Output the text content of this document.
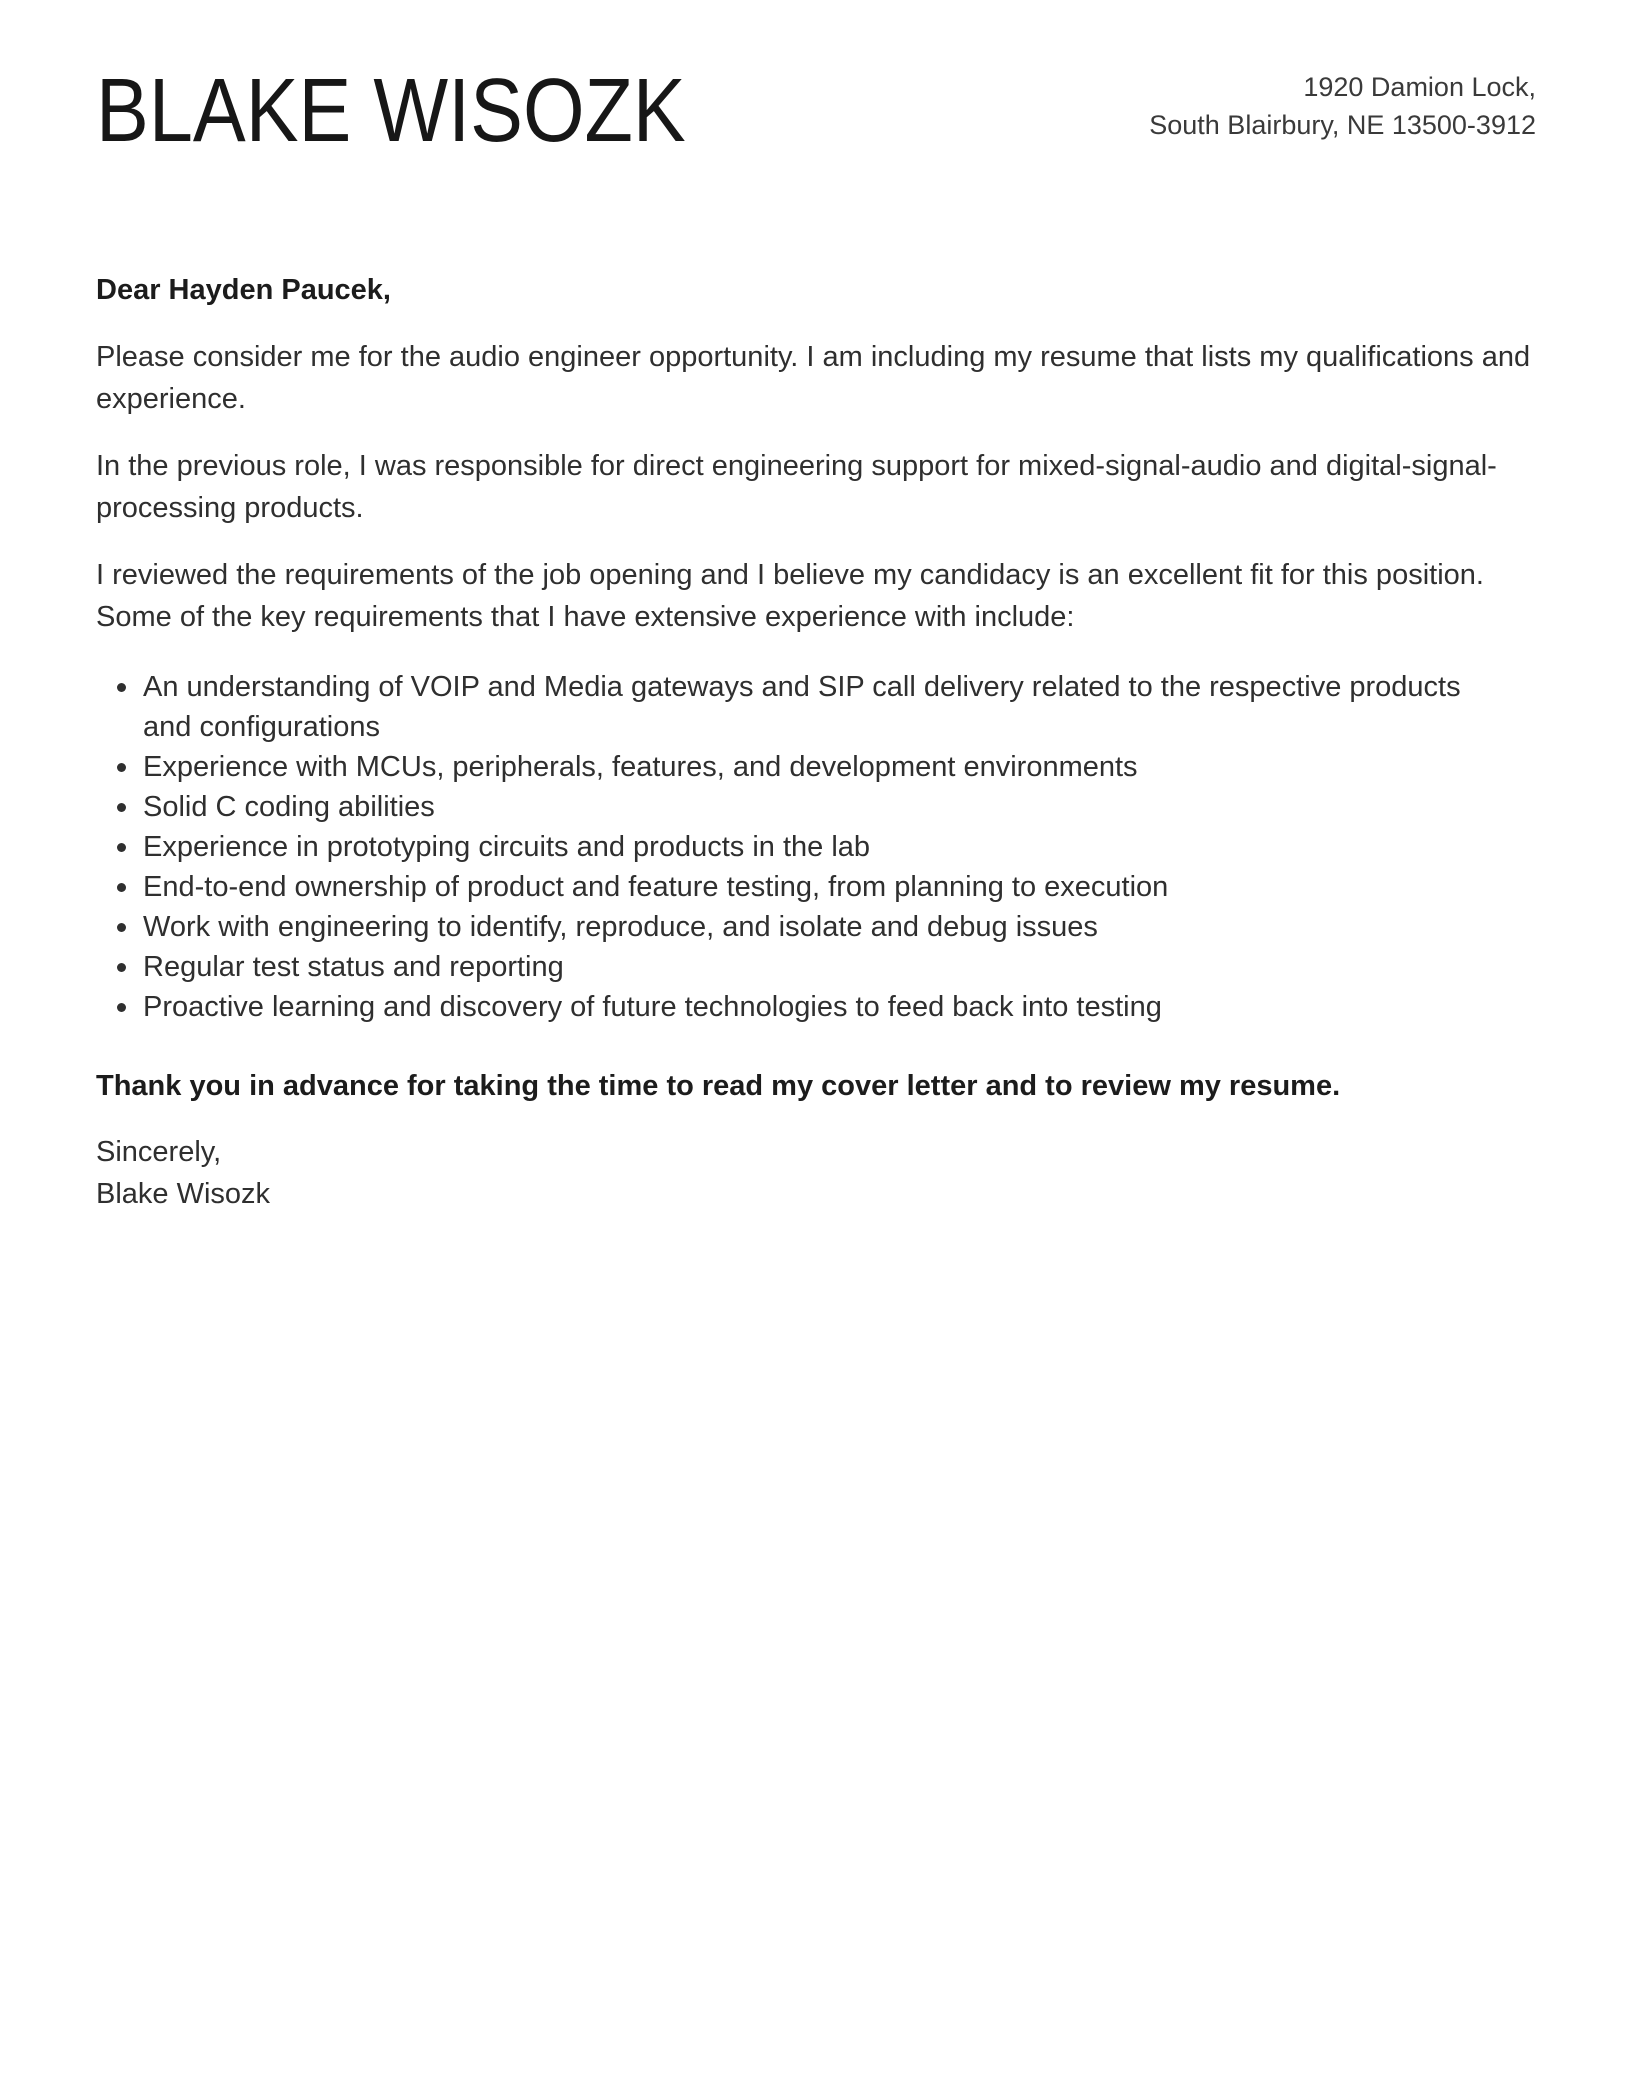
BLAKE WISOZK	1920 Damion Lock,
South Blairbury, NE 13500-3912

Dear Hayden Paucek,

Please consider me for the audio engineer opportunity. I am including my resume that lists my qualifications and experience.

In the previous role, I was responsible for direct engineering support for mixed-signal-audio and digital-signal-processing products.

I reviewed the requirements of the job opening and I believe my candidacy is an excellent fit for this position. Some of the key requirements that I have extensive experience with include:

An understanding of VOIP and Media gateways and SIP call delivery related to the respective products and configurations
Experience with MCUs, peripherals, features, and development environments
Solid C coding abilities
Experience in prototyping circuits and products in the lab
End-to-end ownership of product and feature testing, from planning to execution
Work with engineering to identify, reproduce, and isolate and debug issues
Regular test status and reporting
Proactive learning and discovery of future technologies to feed back into testing

Thank you in advance for taking the time to read my cover letter and to review my resume.

Sincerely,
Blake Wisozk
